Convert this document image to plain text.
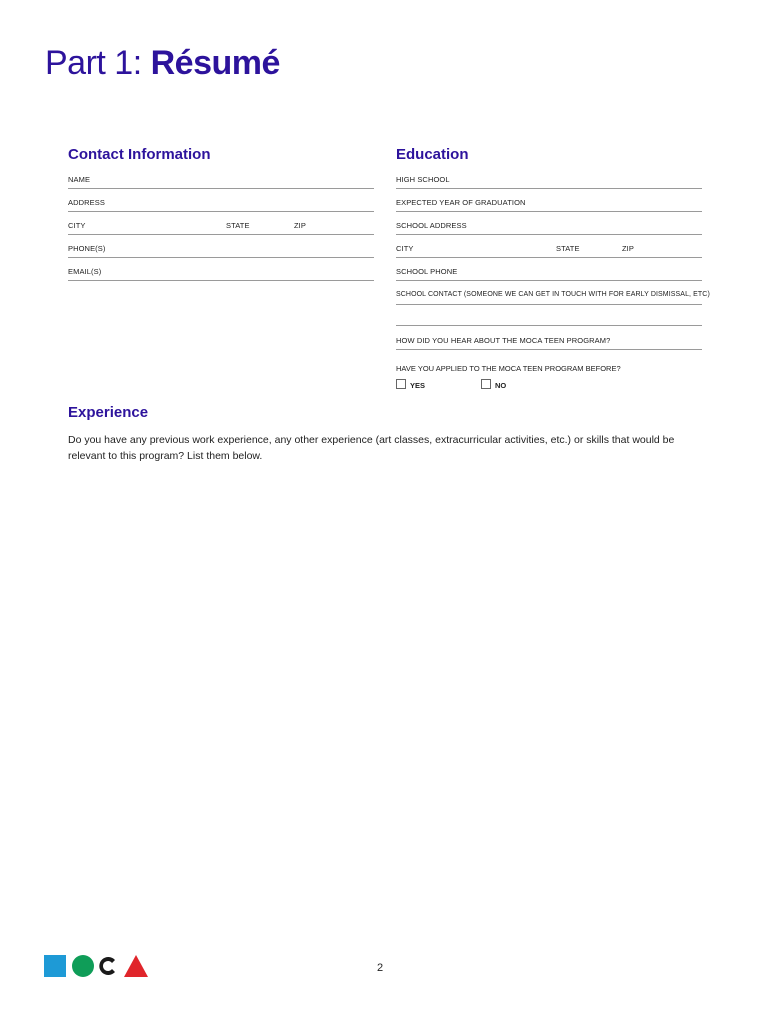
Part 1: Résumé
Contact Information
NAME
ADDRESS
CITY	STATE	ZIP
PHONE(S)
EMAIL(S)
Education
HIGH SCHOOL
EXPECTED YEAR OF GRADUATION
SCHOOL ADDRESS
CITY	STATE	ZIP
SCHOOL PHONE
SCHOOL CONTACT (SOMEONE WE CAN GET IN TOUCH WITH FOR EARLY DISMISSAL, ETC)
HOW DID YOU HEAR ABOUT THE MOCA TEEN PROGRAM?
HAVE YOU APPLIED TO THE MOCA TEEN PROGRAM BEFORE?
YES	NO
Experience

Do you have any previous work experience, any other experience (art classes, extracurricular activities, etc.) or skills that would be relevant to this program? List them below.

2
